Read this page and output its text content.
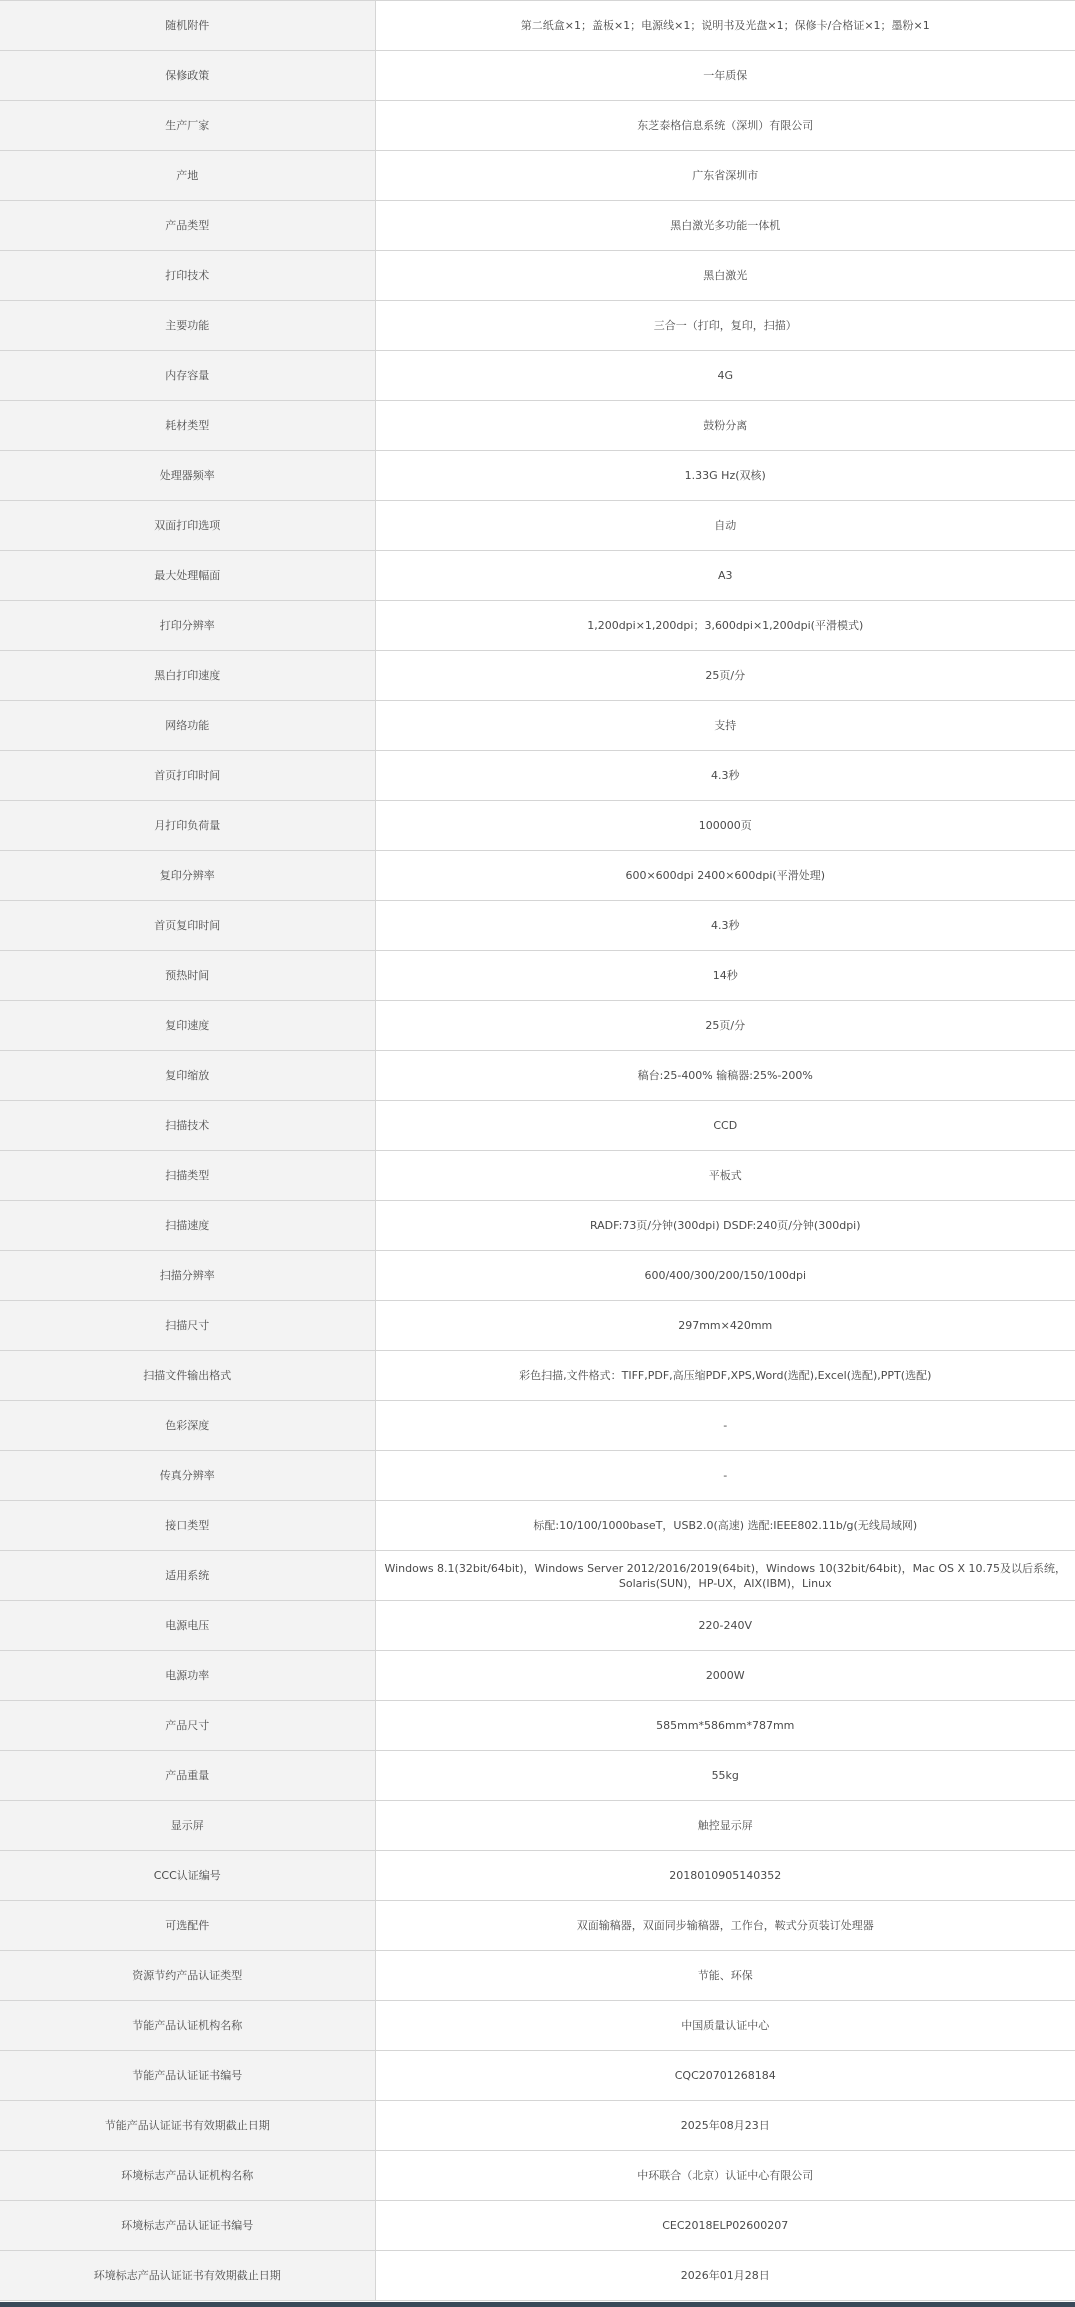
随机附件	第二纸盒×1；盖板×1；电源线×1；说明书及光盘×1；保修卡/合格证×1；墨粉×1
保修政策	一年质保
生产厂家	东芝泰格信息系统（深圳）有限公司
产地	广东省深圳市
产品类型	黑白激光多功能一体机
打印技术	黑白激光
主要功能	三合一（打印，复印，扫描）
内存容量	4G
耗材类型	鼓粉分离
处理器频率	1.33G Hz(双核)
双面打印选项	自动
最大处理幅面	A3
打印分辨率	1,200dpi×1,200dpi；3,600dpi×1,200dpi(平滑模式)
黑白打印速度	25页/分
网络功能	支持
首页打印时间	4.3秒
月打印负荷量	100000页
复印分辨率	600×600dpi 2400×600dpi(平滑处理)
首页复印时间	4.3秒
预热时间	14秒
复印速度	25页/分
复印缩放	稿台:25-400% 输稿器:25%-200%
扫描技术	CCD
扫描类型	平板式
扫描速度	RADF:73页/分钟(300dpi) DSDF:240页/分钟(300dpi)
扫描分辨率	600/400/300/200/150/100dpi
扫描尺寸	297mm×420mm
扫描文件输出格式	彩色扫描,文件格式：TIFF,PDF,高压缩PDF,XPS,Word(选配),Excel(选配),PPT(选配)
色彩深度	-
传真分辨率	-
接口类型	标配:10/100/1000baseT，USB2.0(高速) 选配:IEEE802.11b/g(无线局域网)
适用系统	Windows 8.1(32bit/64bit)，Windows Server 2012/2016/2019(64bit)，Windows 10(32bit/64bit)，Mac OS X 10.75及以后系统，Solaris(SUN)，HP-UX，AIX(IBM)，Linux
电源电压	220-240V
电源功率	2000W
产品尺寸	585mm*586mm*787mm
产品重量	55kg
显示屏	触控显示屏
CCC认证编号	2018010905140352
可选配件	双面输稿器，双面同步输稿器，工作台，鞍式分页装订处理器
资源节约产品认证类型	节能、环保
节能产品认证机构名称	中国质量认证中心
节能产品认证证书编号	CQC20701268184
节能产品认证证书有效期截止日期	2025年08月23日
环境标志产品认证机构名称	中环联合（北京）认证中心有限公司
环境标志产品认证证书编号	CEC2018ELP02600207
环境标志产品认证证书有效期截止日期	2026年01月28日
